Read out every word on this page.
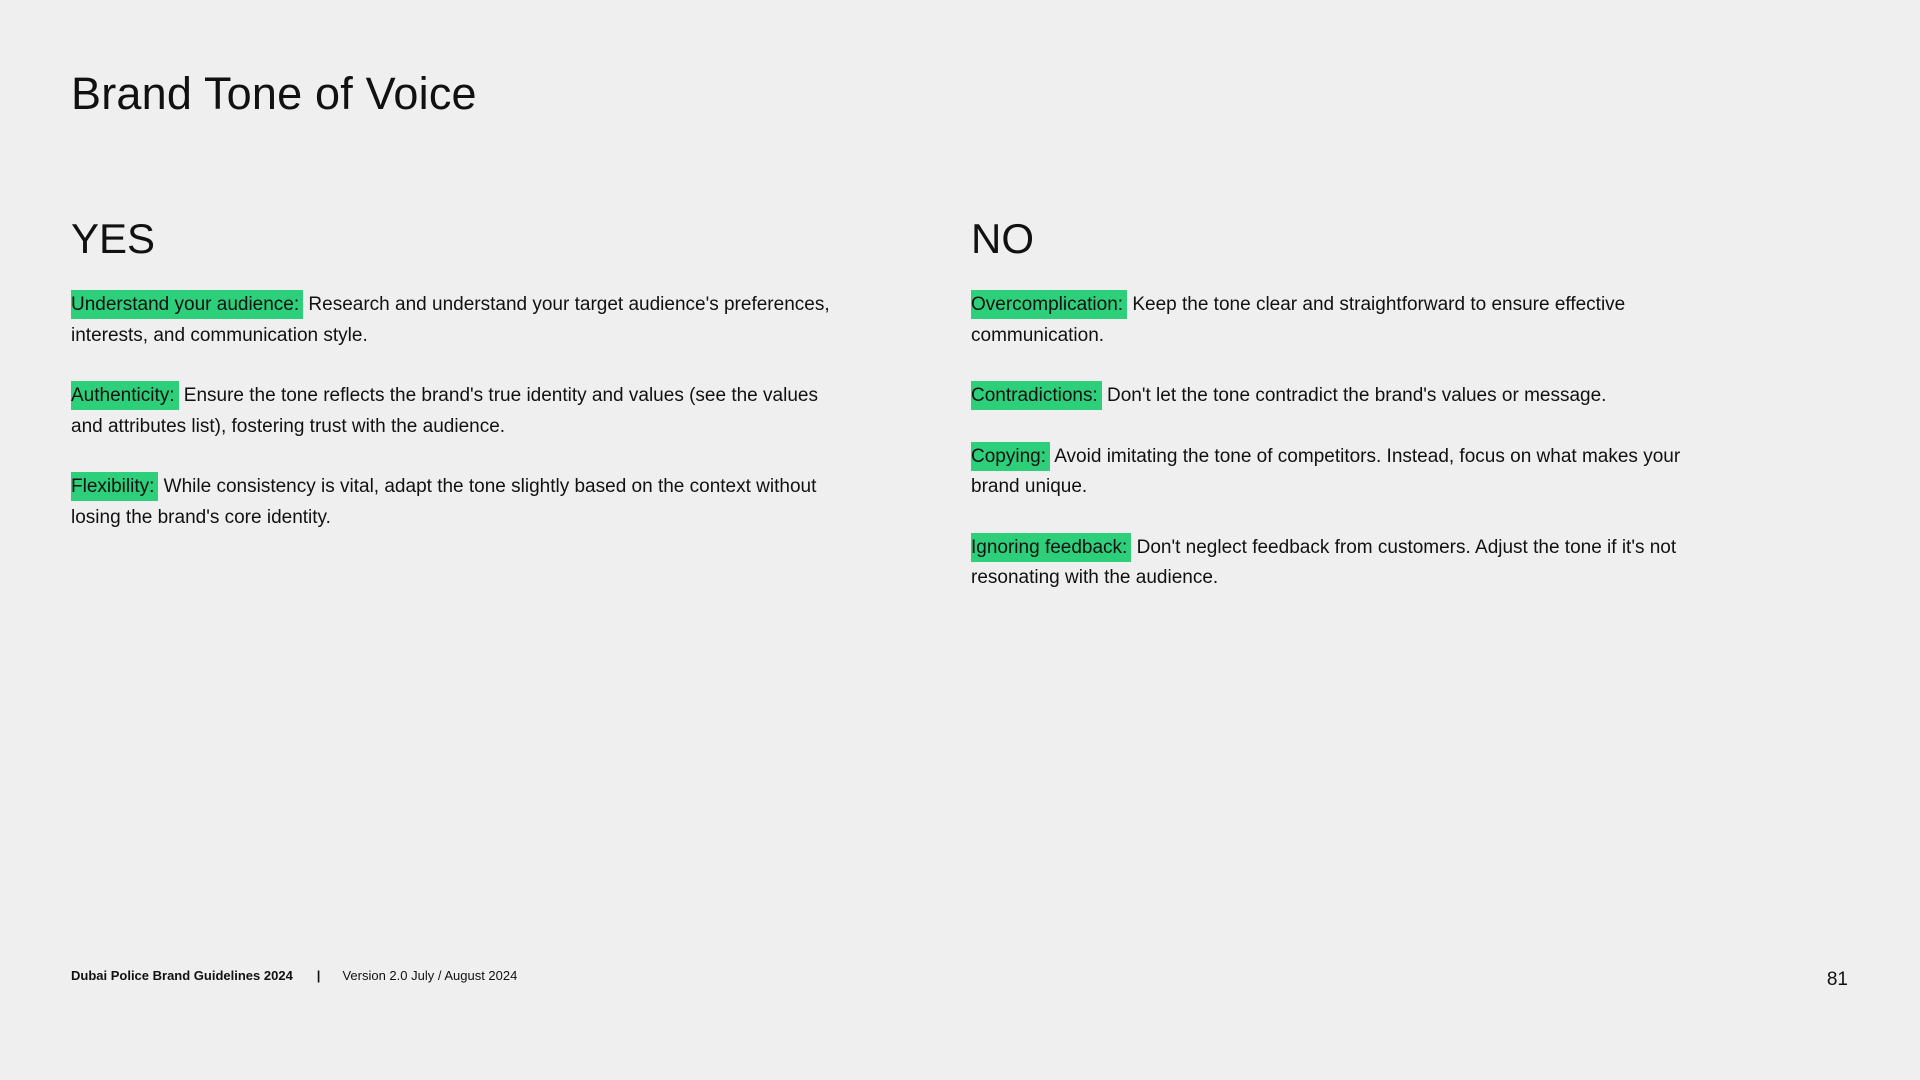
Brand Tone of Voice
YES
Understand your audience: Research and understand your target audience's preferences, interests, and communication style.
Authenticity: Ensure the tone reflects the brand's true identity and values (see the values and attributes list), fostering trust with the audience.
Flexibility: While consistency is vital, adapt the tone slightly based on the context without losing the brand's core identity.
NO
Overcomplication: Keep the tone clear and straightforward to ensure effective communication.
Contradictions: Don't let the tone contradict the brand's values or message.
Copying: Avoid imitating the tone of competitors. Instead, focus on what makes your brand unique.
Ignoring feedback: Don't neglect feedback from customers. Adjust the tone if it's not resonating with the audience.
Dubai Police Brand Guidelines 2024 | Version 2.0 July / August 2024	81
